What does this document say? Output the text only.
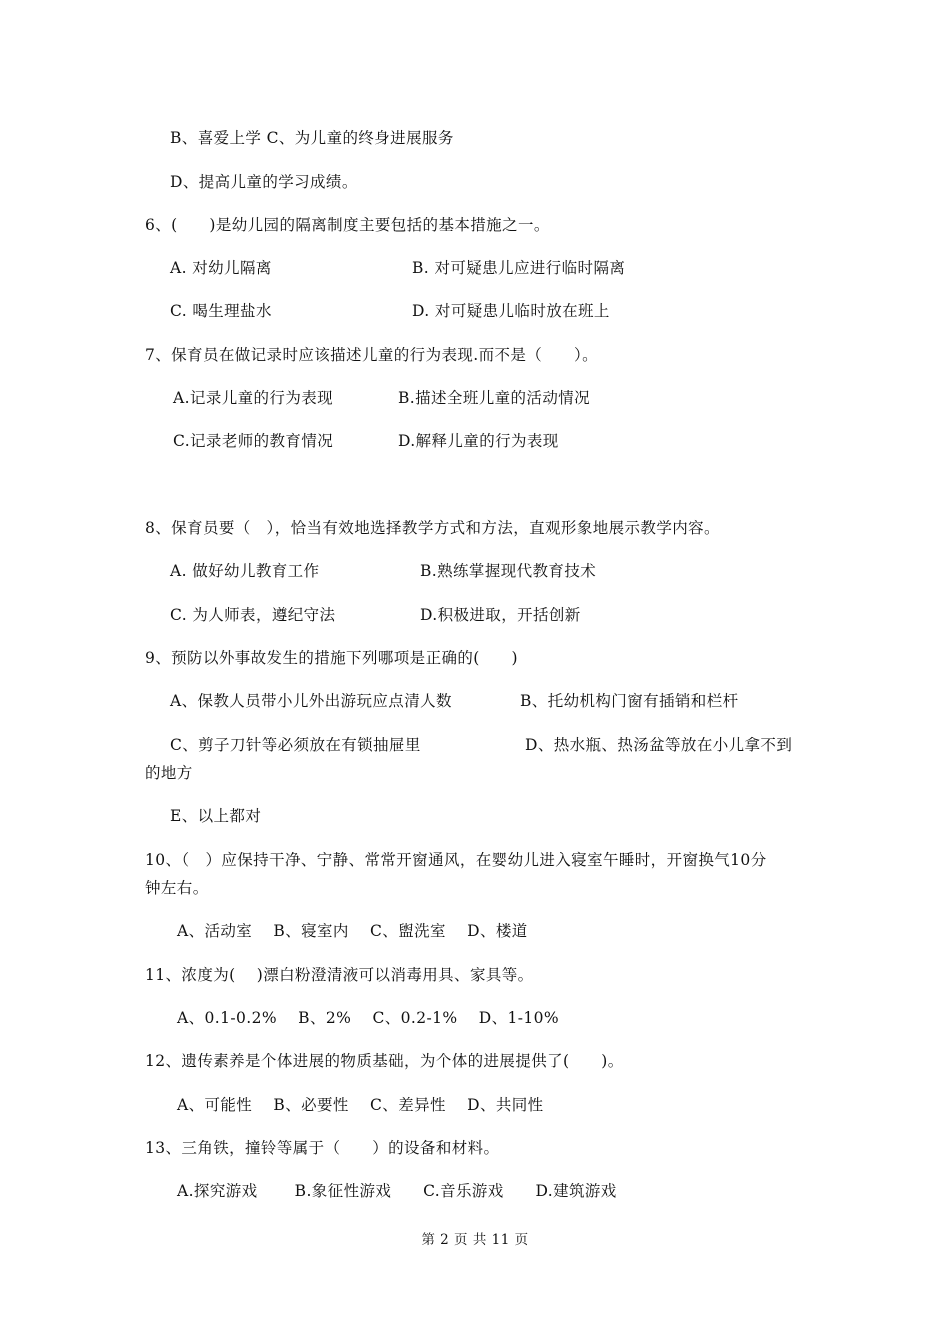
B、喜爱上学 C、为儿童的终身进展服务
D、提高儿童的学习成绩。
6、(　　)是幼儿园的隔离制度主要包括的基本措施之一。
A. 对幼儿隔离	B. 对可疑患儿应进行临时隔离
C. 喝生理盐水	D. 对可疑患儿临时放在班上
7、保育员在做记录时应该描述儿童的行为表现.而不是（　　）。
A.记录儿童的行为表现	B.描述全班儿童的活动情况
C.记录老师的教育情况	D.解释儿童的行为表现
8、保育员要（　），恰当有效地选择教学方式和方法，直观形象地展示教学内容。
A. 做好幼儿教育工作	B.熟练掌握现代教育技术
C. 为人师表，遵纪守法	D.积极进取，开括创新
9、预防以外事故发生的措施下列哪项是正确的(　　)
A、保教人员带小儿外出游玩应点清人数	B、托幼机构门窗有插销和栏杆
C、剪子刀针等必须放在有锁抽屉里	D、热水瓶、热汤盆等放在小儿拿不到
的地方
E、以上都对
10、（　）应保持干净、宁静、常常开窗通风，在婴幼儿进入寝室午睡时，开窗换气10分
钟左右。
A、活动室　 B、寝室内　 C、盥洗室　 D、楼道
11、浓度为(　 )漂白粉澄清液可以消毒用具、家具等。
A、0.1-0.2%　 B、2%　 C、0.2-1%　 D、1-10%
12、遗传素养是个体进展的物质基础，为个体的进展提供了(　　)。
A、可能性　 B、必要性　 C、差异性　 D、共同性
13、三角铁，撞铃等属于（　　）的设备和材料。
A.探究游戏　　 B.象征性游戏　　C.音乐游戏　　D.建筑游戏
第 2 页 共 11 页
